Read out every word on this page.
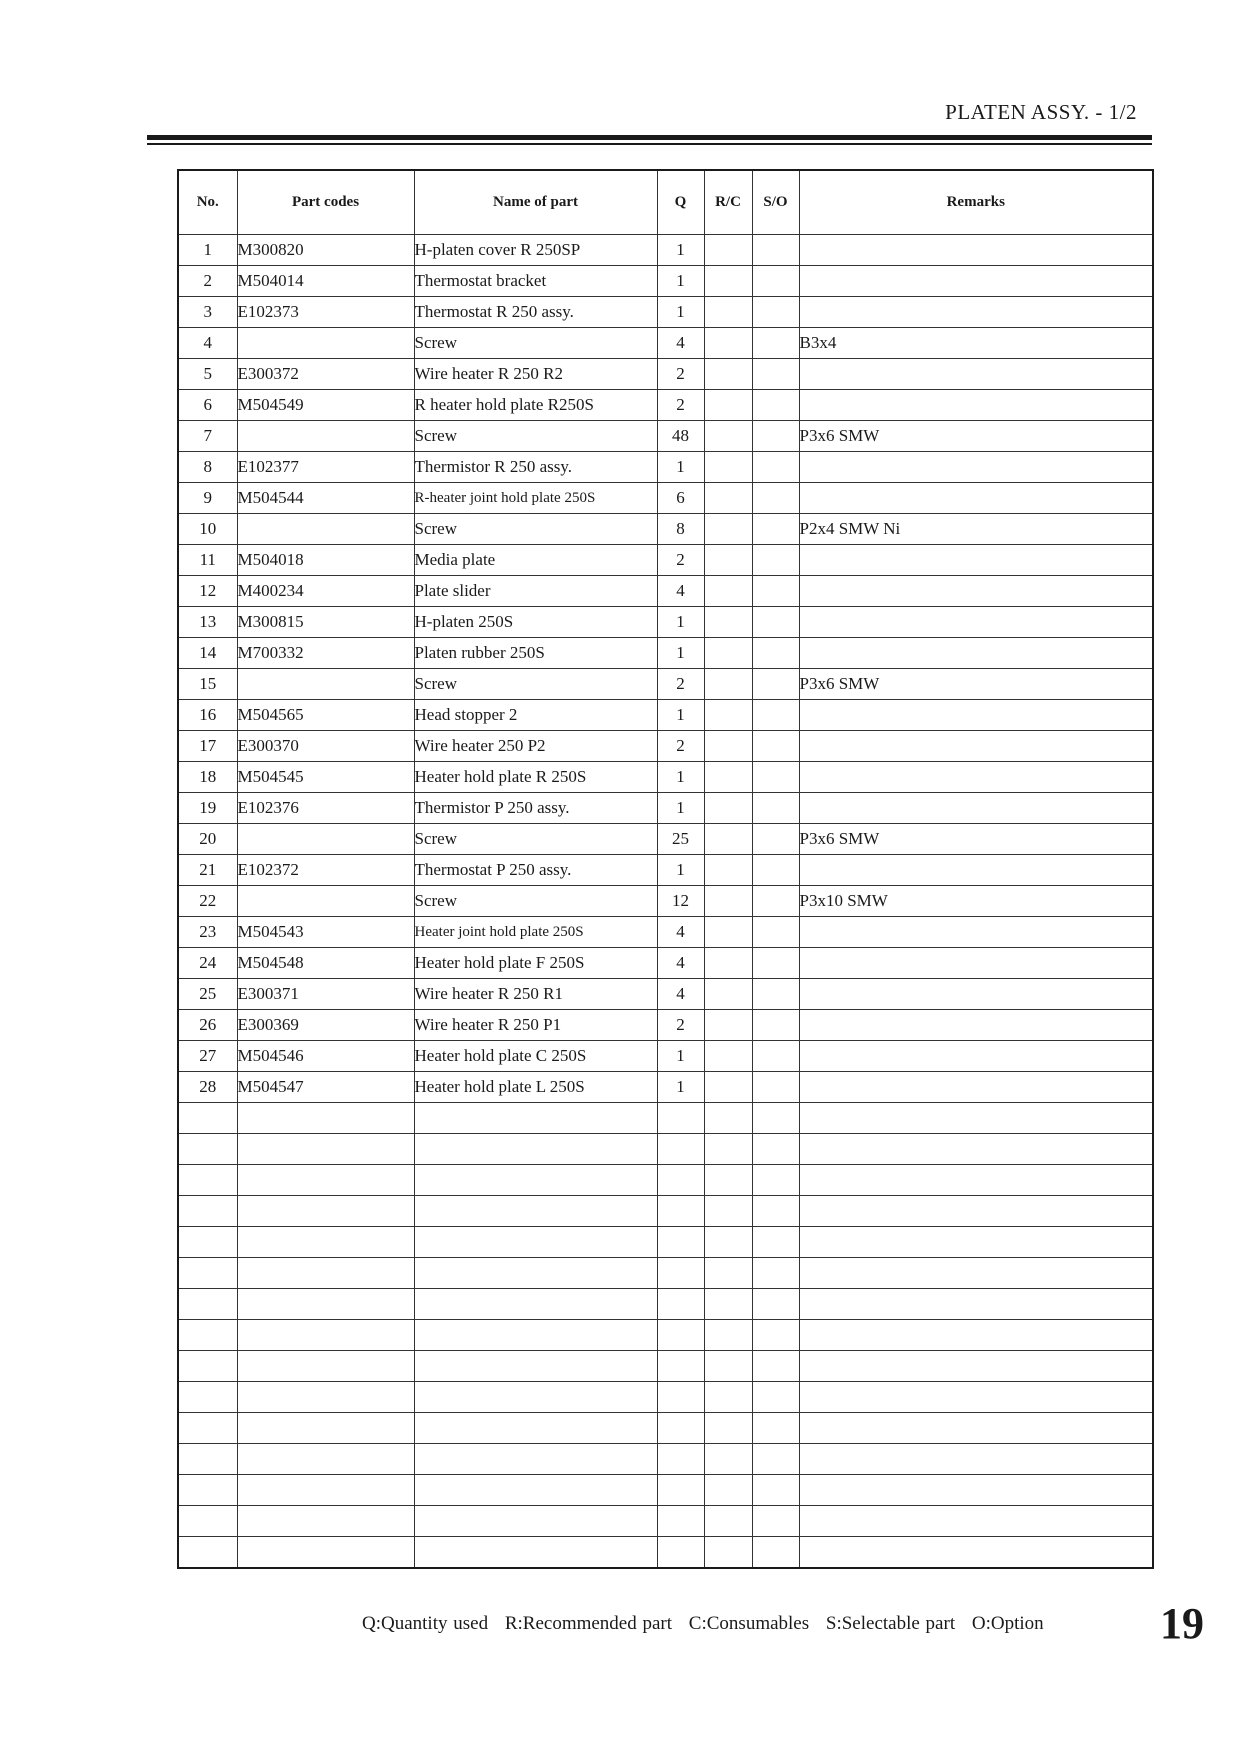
PLATEN ASSY. - 1/2
No.	Part codes	Name of part	Q	R/C	S/O	Remarks
1	M300820	H-platen cover R 250SP	1			
2	M504014	Thermostat bracket	1			
3	E102373	Thermostat R 250 assy.	1			
4		Screw	4			B3x4
5	E300372	Wire heater R 250 R2	2			
6	M504549	R heater hold plate R250S	2			
7		Screw	48			P3x6 SMW
8	E102377	Thermistor R 250 assy.	1			
9	M504544	R-heater joint hold plate 250S	6			
10		Screw	8			P2x4 SMW Ni
11	M504018	Media plate	2			
12	M400234	Plate slider	4			
13	M300815	H-platen 250S	1			
14	M700332	Platen rubber 250S	1			
15		Screw	2			P3x6 SMW
16	M504565	Head stopper 2	1			
17	E300370	Wire heater 250 P2	2			
18	M504545	Heater hold plate R 250S	1			
19	E102376	Thermistor P 250 assy.	1			
20		Screw	25			P3x6 SMW
21	E102372	Thermostat P 250 assy.	1			
22		Screw	12			P3x10 SMW
23	M504543	Heater joint hold plate 250S	4			
24	M504548	Heater hold plate F 250S	4			
25	E300371	Wire heater R 250 R1	4			
26	E300369	Wire heater R 250 P1	2			
27	M504546	Heater hold plate C 250S	1			
28	M504547	Heater hold plate L 250S	1			

Q:Quantity used R:Recommended part C:Consumables S:Selectable part O:Option	19
